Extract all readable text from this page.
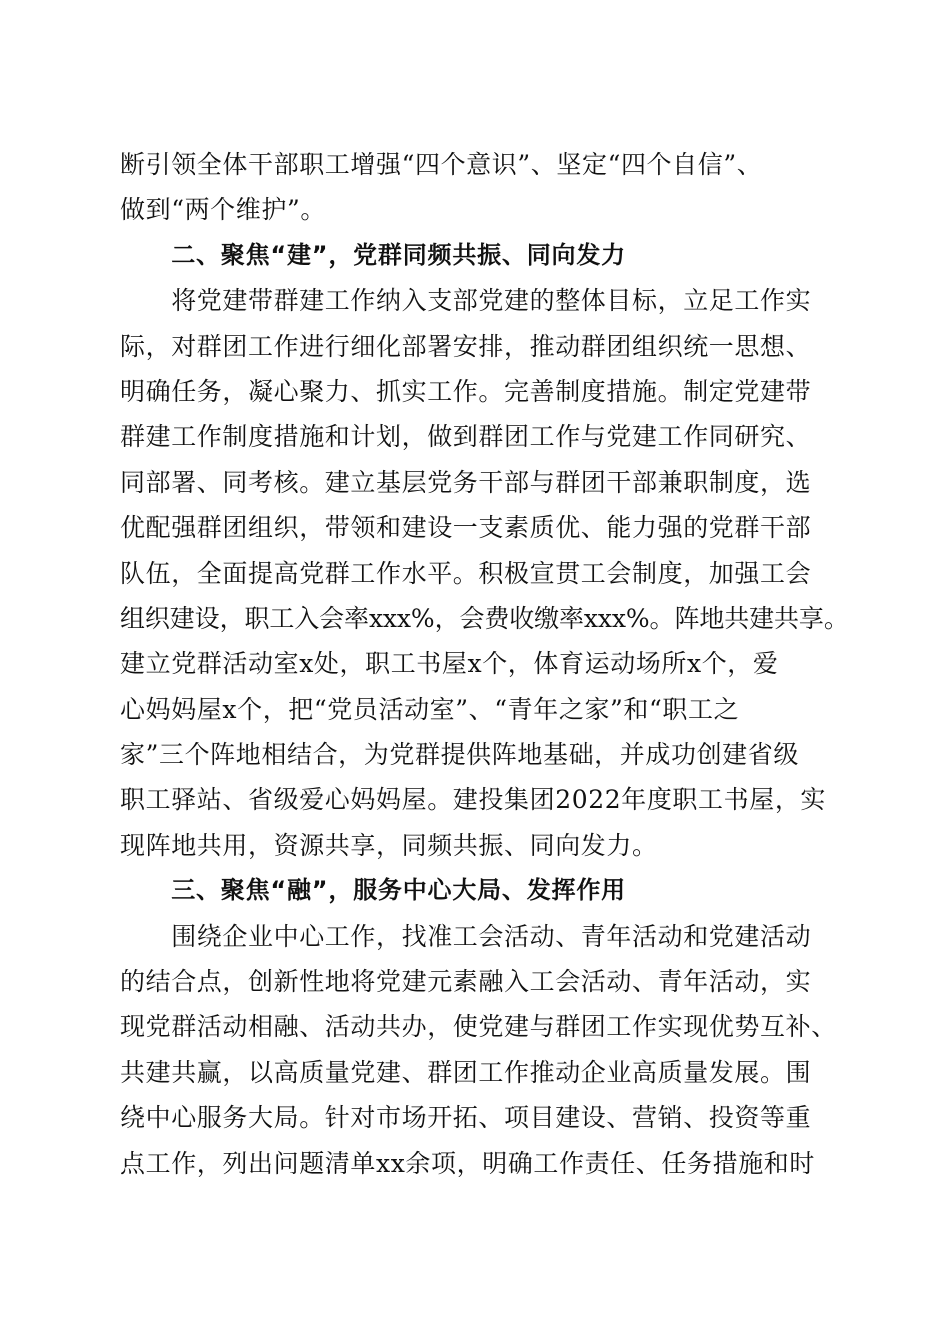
断引领全体干部职工增强“四个意识”、坚定“四个自信”、
做到“两个维护”。
二、聚焦“建”，党群同频共振、同向发力
将党建带群建工作纳入支部党建的整体目标，立足工作实
际，对群团工作进行细化部署安排，推动群团组织统一思想、
明确任务，凝心聚力、抓实工作。完善制度措施。制定党建带
群建工作制度措施和计划，做到群团工作与党建工作同研究、
同部署、同考核。建立基层党务干部与群团干部兼职制度，选
优配强群团组织，带领和建设一支素质优、能力强的党群干部
队伍，全面提高党群工作水平。积极宣贯工会制度，加强工会
组织建设，职工入会率xxx%，会费收缴率xxx%。阵地共建共享。
建立党群活动室x处，职工书屋x个，体育运动场所x个，爱
心妈妈屋x个，把“党员活动室”、“青年之家”和“职工之
家”三个阵地相结合，为党群提供阵地基础，并成功创建省级
职工驿站、省级爱心妈妈屋。建投集团2022年度职工书屋，实
现阵地共用，资源共享，同频共振、同向发力。
三、聚焦“融”，服务中心大局、发挥作用
围绕企业中心工作，找准工会活动、青年活动和党建活动
的结合点，创新性地将党建元素融入工会活动、青年活动，实
现党群活动相融、活动共办，使党建与群团工作实现优势互补、
共建共赢，以高质量党建、群团工作推动企业高质量发展。围
绕中心服务大局。针对市场开拓、项目建设、营销、投资等重
点工作，列出问题清单xx余项，明确工作责任、任务措施和时
